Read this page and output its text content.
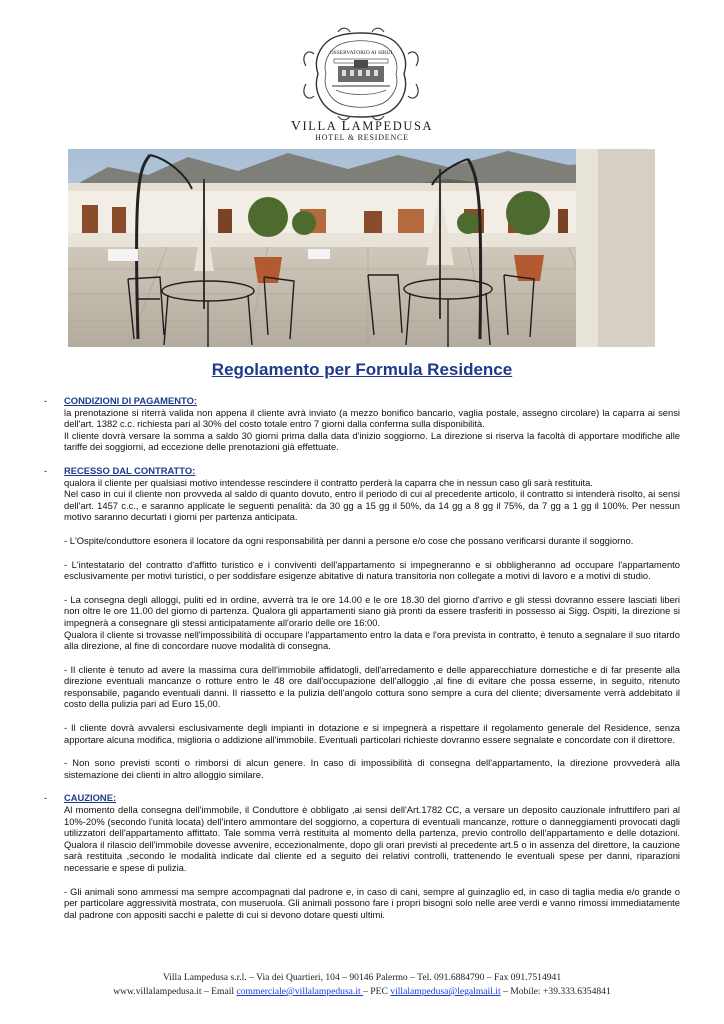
OSSERVATORIO AI SIRUI
VILLA LAMPEDUSA
HOTEL & RESIDENCE
Regolamento per Formula Residence
- CONDIZIONI DI PAGAMENTO:
la prenotazione si riterrà valida non appena il cliente avrà inviato (a mezzo bonifico bancario, vaglia postale, assegno circolare) la caparra ai sensi dell'art. 1382 c.c. richiesta pari al 30% del costo totale entro 7 giorni dalla conferma sulla disponibilità.
Il cliente dovrà versare la somma a saldo 30 giorni prima dalla data d'inizio soggiorno. La direzione si riserva la facoltà di apportare modifiche alle tariffe dei soggiorni, ad eccezione delle prenotazioni già effettuate.
- RECESSO DAL CONTRATTO:
qualora il cliente per qualsiasi motivo intendesse rescindere il contratto perderà la caparra che in nessun caso gli sarà restituita.
Nel caso in cui il cliente non provveda al saldo di quanto dovuto, entro il periodo di cui al precedente articolo, il contratto si intenderà risolto, ai sensi dell'art. 1457 c.c., e saranno applicate le seguenti penalità: da 30 gg a 15 gg il 50%, da 14 gg a 8 gg il 75%, da 7 gg a 1 gg il 100%. Per nessun motivo saranno decurtati i giorni per partenza anticipata.
- L'Ospite/conduttore esonera il locatore da ogni responsabilità per danni a persone e/o cose che possano verificarsi durante il soggiorno.
- L'intestatario del contratto d'affitto turistico e i conviventi dell'appartamento si impegneranno e si obbligheranno ad occupare l'appartamento esclusivamente per motivi turistici, o per soddisfare esigenze abitative di natura transitoria non collegate a motivi di lavoro e a motivi di studio.
- La consegna degli alloggi, puliti ed in ordine, avverrà tra le ore 14.00 e le ore 18.30 del giorno d'arrivo e gli stessi dovranno essere lasciati liberi non oltre le ore 11.00 del giorno di partenza. Qualora gli appartamenti siano già pronti da essere trasferiti in possesso ai Sigg. Ospiti, la direzione si impegnerà a consegnare gli stessi anticipatamente all'orario delle ore 16:00.
Qualora il cliente si trovasse nell'impossibilità di occupare l'appartamento entro la data e l'ora prevista in contratto, è tenuto a segnalare il suo ritardo alla direzione, al fine di concordare nuove modalità di consegna.
- Il cliente è tenuto ad avere la massima cura dell'immobile affidatogli, dell'arredamento e delle apparecchiature domestiche e di far presente alla direzione eventuali mancanze o rotture entro le 48 ore dall'occupazione dell'alloggio ,al fine di evitare che possa esserne, in seguito, ritenuto responsabile, pagando eventuali danni. Il riassetto e la pulizia dell'angolo cottura sono sempre a cura del cliente; diversamente verrà addebitato il costo della pulizia pari ad Euro 15,00.
- Il cliente dovrà avvalersi esclusivamente degli impianti in dotazione e si impegnerà a rispettare il regolamento generale del Residence, senza apportare alcuna modifica, miglioria o addizione all'immobile. Eventuali particolari richieste dovranno essere segnalate e concordate con il direttore.
- Non sono previsti sconti o rimborsi di alcun genere. In caso di impossibilità di consegna dell'appartamento, la direzione provvederà alla sistemazione dei clienti in altro alloggio similare.
- CAUZIONE:
Al momento della consegna dell'immobile, il Conduttore è obbligato ,ai sensi dell'Art.1782 CC, a versare un deposito cauzionale infruttifero pari al 10%-20% (secondo l'unità locata) dell'intero ammontare del soggiorno, a copertura di eventuali mancanze, rotture o danneggiamenti provocati dagli utilizzatori dell'appartamento affittato. Tale somma verrà restituita al momento della partenza, previo controllo dell'appartamento e delle dotazioni. Qualora il rilascio dell'immobile dovesse avvenire, eccezionalmente, dopo gli orari previsti al precedente art.5 o in assenza del direttore, la cauzione sarà restituita ,secondo le modalità indicate dal cliente ed a seguito dei relativi controlli, trattenendo le eventuali spese per danni, riparazioni necessarie e spese di pulizia.
- Gli animali sono ammessi ma sempre accompagnati dal padrone e, in caso di cani, sempre al guinzaglio ed, in caso di taglia media e/o grande o per particolare aggressività mostrata, con museruola. Gli animali possono fare i propri bisogni solo nelle aree verdi e vanno rimossi immediatamente dal padrone con appositi sacchi e palette di cui si devono dotare questi ultimi.
Villa Lampedusa s.r.l. – Via dei Quartieri, 104 – 90146 Palermo – Tel. 091.6884790 – Fax 091.7514941
www.villalampedusa.it – Email commerciale@villalampedusa.it – PEC villalampedusa@legalmail.it – Mobile: +39.333.6354841
